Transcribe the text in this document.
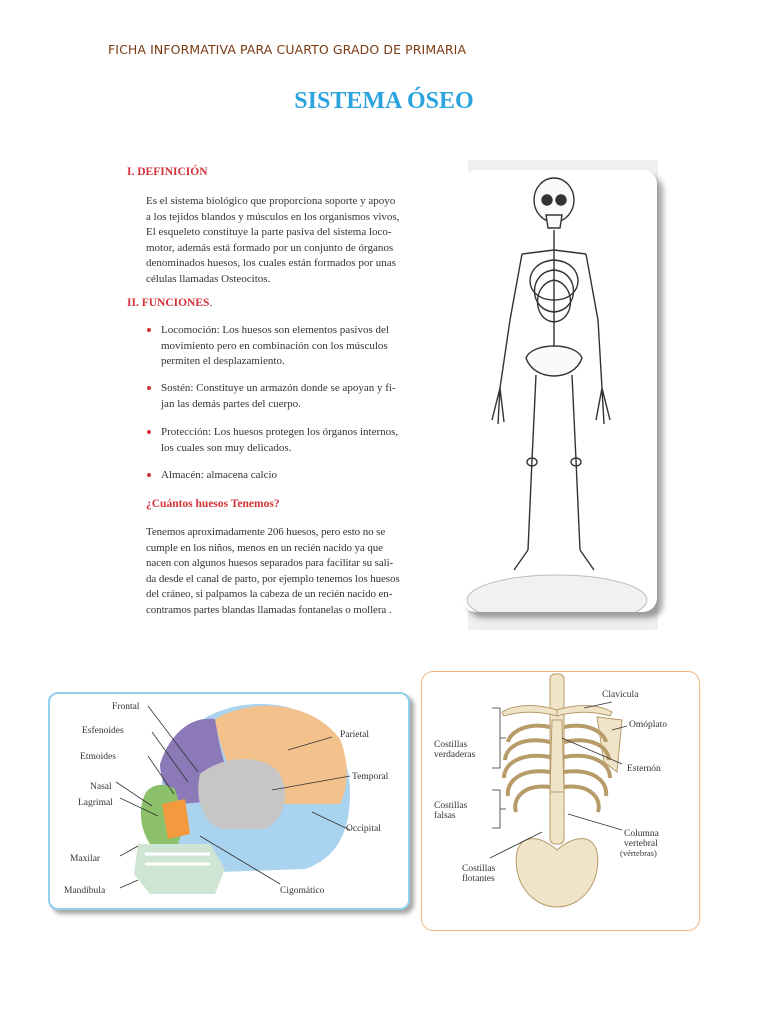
FICHA INFORMATIVA PARA CUARTO GRADO DE PRIMARIA
SISTEMA ÓSEO
I. DEFINICIÓN
Es el sistema biológico que proporciona soporte y apoyo
a los tejidos blandos y músculos en los organismos vivos,
El esqueleto constituye la parte pasiva del sistema loco-
motor, además está formado por un conjunto de órganos
denominados huesos, los cuales están formados por unas
células llamadas Osteocitos.
II. FUNCIONES.
Locomoción: Los huesos son elementos pasivos del
movimiento pero en combinación con los músculos
permiten el desplazamiento.
Sostén: Constituye un armazón donde se apoyan y fi-
jan las demás partes del cuerpo.
Protección: Los huesos protegen los órganos internos,
los cuales son muy delicados.
Almacén: almacena calcio
¿Cuántos huesos Tenemos?
Tenemos aproximadamente 206 huesos, pero esto no se
cumple en los niños, menos en un recién nacido ya que
nacen con algunos huesos separados para facilitar su sali-
da desde el canal de parto, por ejemplo tenemos los huesos
del cráneo, si palpamos la cabeza de un recién nacido en-
contramos partes blandas llamadas fontanelas o mollera .
Frontal
Esfenoides
Etmoides
Nasal
Lagrimal
Maxilar
Mandíbula
Parietal
Temporal
Occipital
Cigomático
Clavícula
Omóplato
Esternón
Columna
vertebral
(vértebras)
Costillas
verdaderas
Costillas
falsas
Costillas
flotantes
